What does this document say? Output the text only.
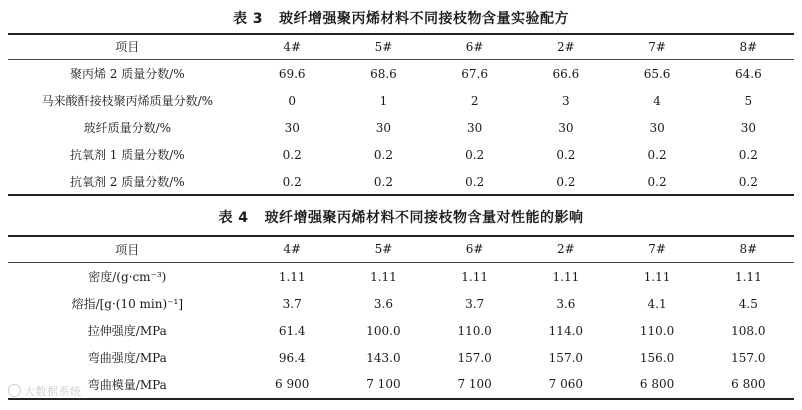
表 3 玻纤增强聚丙烯材料不同接枝物含量实验配方
项目	4#	5#	6#	2#	7#	8#
聚丙烯 2 质量分数/%	69.6	68.6	67.6	66.6	65.6	64.6
马来酸酐接枝聚丙烯质量分数/%	0	1	2	3	4	5
玻纤质量分数/%	30	30	30	30	30	30
抗氧剂 1 质量分数/%	0.2	0.2	0.2	0.2	0.2	0.2
抗氧剂 2 质量分数/%	0.2	0.2	0.2	0.2	0.2	0.2
表 4 玻纤增强聚丙烯材料不同接枝物含量对性能的影响
项目	4#	5#	6#	2#	7#	8#
密度/(g·cm⁻³)	1.11	1.11	1.11	1.11	1.11	1.11
熔指/[g·(10 min)⁻¹]	3.7	3.6	3.7	3.6	4.1	4.5
拉伸强度/MPa	61.4	100.0	110.0	114.0	110.0	108.0
弯曲强度/MPa	96.4	143.0	157.0	157.0	156.0	157.0
弯曲模量/MPa	6 900	7 100	7 100	7 060	6 800	6 800
大数据系统
